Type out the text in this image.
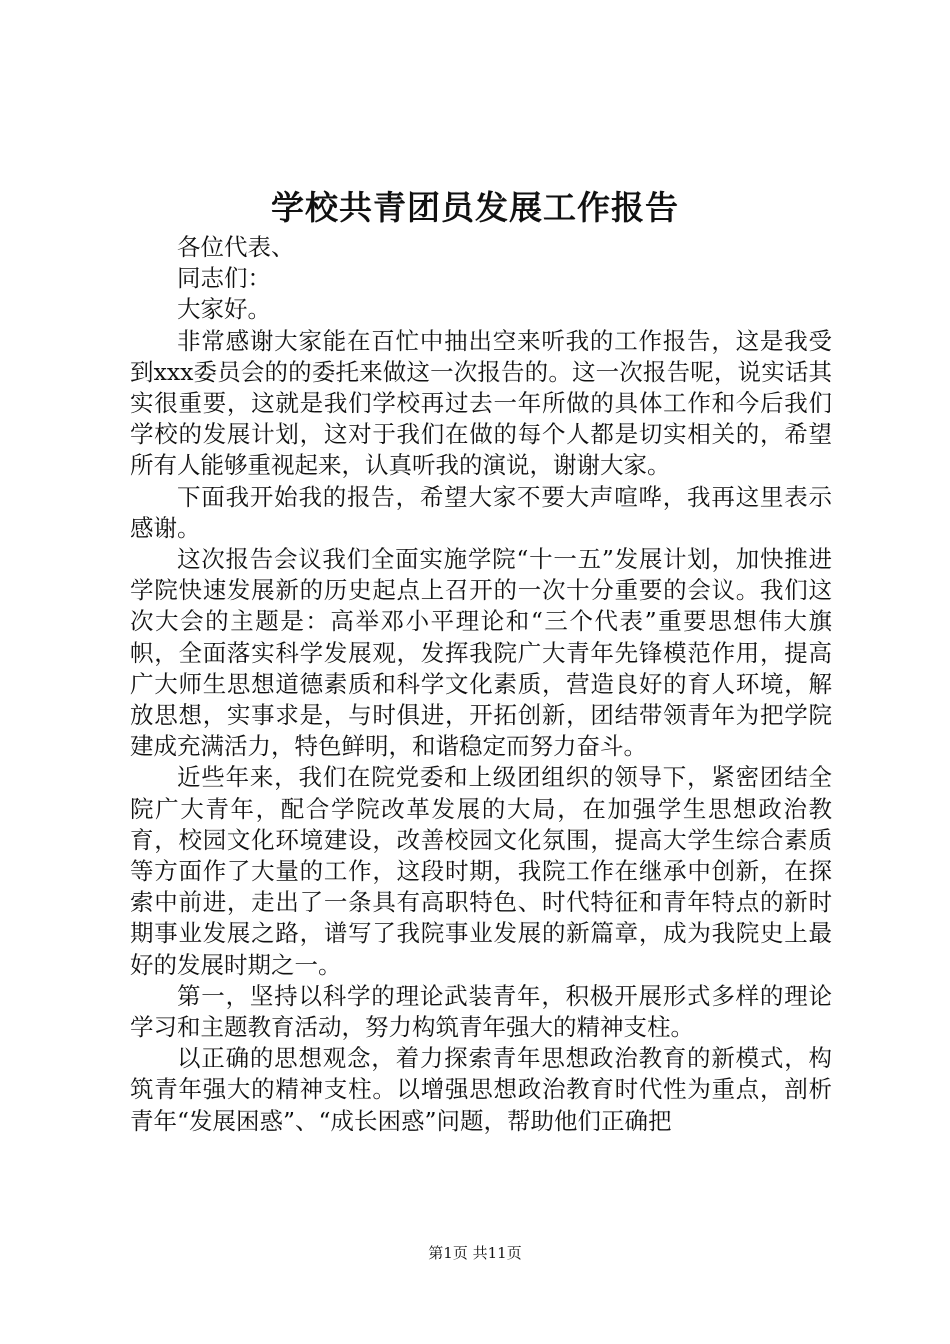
学校共青团员发展工作报告

各位代表、

同志们：

大家好。

非常感谢大家能在百忙中抽出空来听我的工作报告，这是我受到xxx委员会的的委托来做这一次报告的。这一次报告呢，说实话其实很重要，这就是我们学校再过去一年所做的具体工作和今后我们学校的发展计划，这对于我们在做的每个人都是切实相关的，希望所有人能够重视起来，认真听我的演说，谢谢大家。

下面我开始我的报告，希望大家不要大声喧哗，我再这里表示感谢。

这次报告会议我们全面实施学院“十一五”发展计划，加快推进学院快速发展新的历史起点上召开的一次十分重要的会议。我们这次大会的主题是：高举邓小平理论和“三个代表”重要思想伟大旗帜，全面落实科学发展观，发挥我院广大青年先锋模范作用，提高广大师生思想道德素质和科学文化素质，营造良好的育人环境，解放思想，实事求是，与时俱进，开拓创新，团结带领青年为把学院建成充满活力，特色鲜明，和谐稳定而努力奋斗。

近些年来，我们在院党委和上级团组织的领导下，紧密团结全院广大青年，配合学院改革发展的大局，在加强学生思想政治教育，校园文化环境建设，改善校园文化氛围，提高大学生综合素质等方面作了大量的工作，这段时期，我院工作在继承中创新，在探索中前进，走出了一条具有高职特色、时代特征和青年特点的新时期事业发展之路，谱写了我院事业发展的新篇章，成为我院史上最好的发展时期之一。

第一，坚持以科学的理论武装青年，积极开展形式多样的理论学习和主题教育活动，努力构筑青年强大的精神支柱。

以正确的思想观念，着力探索青年思想政治教育的新模式，构筑青年强大的精神支柱。以增强思想政治教育时代性为重点，剖析青年“发展困惑”、“成长困惑”问题，帮助他们正确把

第1页 共11页
